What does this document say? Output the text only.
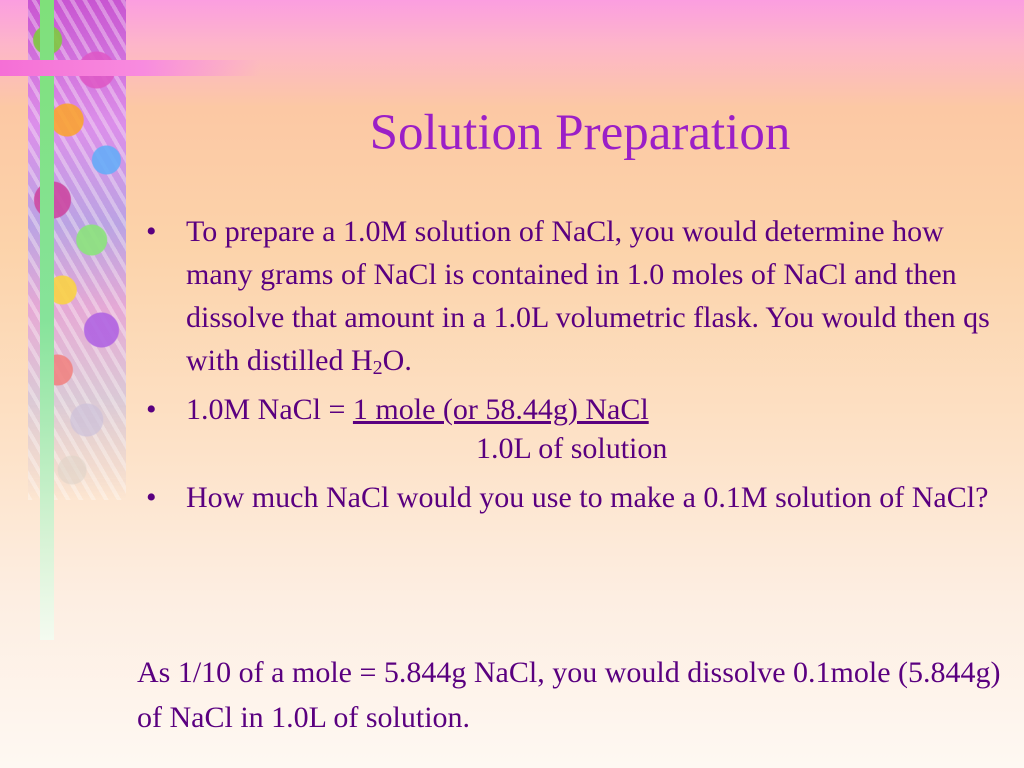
Solution Preparation
• To prepare a 1.0M solution of NaCl, you would determine how many grams of NaCl is contained in 1.0 moles of NaCl and then dissolve that amount in a 1.0L volumetric flask. You would then qs with distilled $H_2O$.
• 1.0M NaCl = 1 mole (or 58.44g) NaCl
1.0L of solution
• How much NaCl would you use to make a 0.1M solution of NaCl?

As 1/10 of a mole = 5.844g NaCl, you would dissolve 0.1mole (5.844g) of NaCl in 1.0L of solution.
